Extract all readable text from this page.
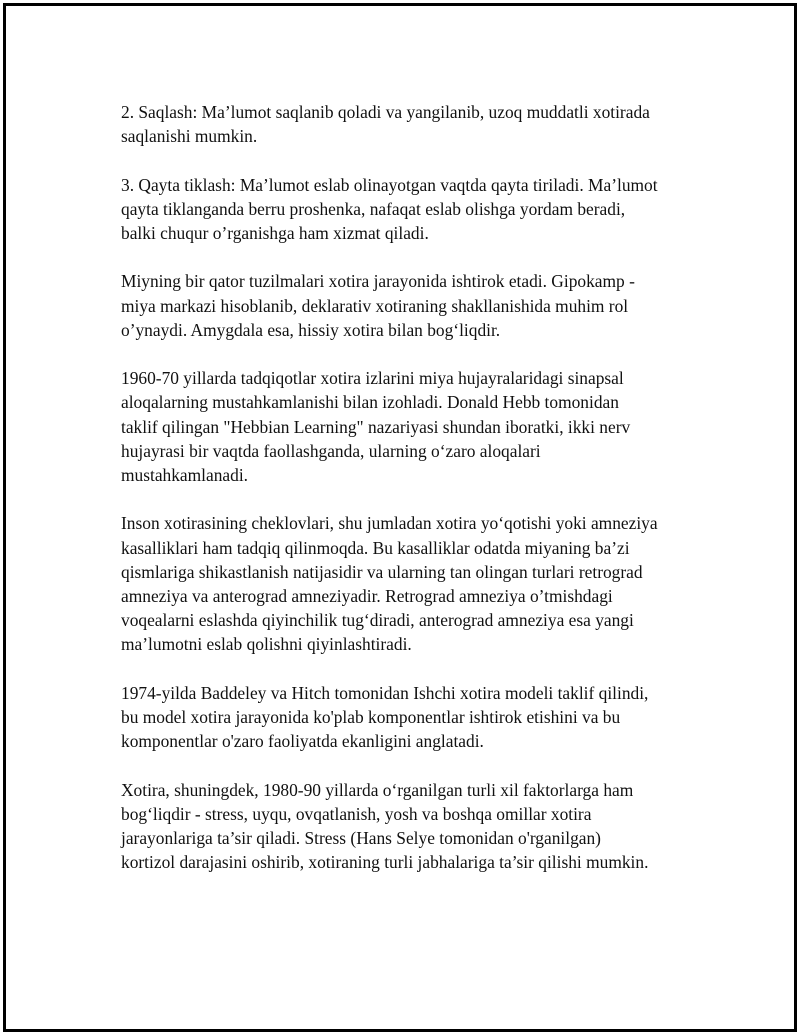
2. Saqlash: Ma’lumot saqlanib qoladi va yangilanib, uzoq muddatli xotirada
saqlanishi mumkin.

3. Qayta tiklash: Ma’lumot eslab olinayotgan vaqtda qayta tiriladi. Ma’lumot
qayta tiklanganda berru proshenka, nafaqat eslab olishga yordam beradi,
balki chuqur o’rganishga ham xizmat qiladi.

Miyning bir qator tuzilmalari xotira jarayonida ishtirok etadi. Gipokamp -
miya markazi hisoblanib, deklarativ xotiraning shakllanishida muhim rol
o’ynaydi. Amygdala esa, hissiy xotira bilan bog‘liqdir.

1960-70 yillarda tadqiqotlar xotira izlarini miya hujayralaridagi sinapsal
aloqalarning mustahkamlanishi bilan izohladi. Donald Hebb tomonidan
taklif qilingan "Hebbian Learning" nazariyasi shundan iboratki, ikki nerv
hujayrasi bir vaqtda faollashganda, ularning o‘zaro aloqalari
mustahkamlanadi.

Inson xotirasining cheklovlari, shu jumladan xotira yo‘qotishi yoki amneziya
kasalliklari ham tadqiq qilinmoqda. Bu kasalliklar odatda miyaning ba’zi
qismlariga shikastlanish natijasidir va ularning tan olingan turlari retrograd
amneziya va anterograd amneziyadir. Retrograd amneziya o’tmishdagi
voqealarni eslashda qiyinchilik tug‘diradi, anterograd amneziya esa yangi
ma’lumotni eslab qolishni qiyinlashtiradi.

1974-yilda Baddeley va Hitch tomonidan Ishchi xotira modeli taklif qilindi,
bu model xotira jarayonida ko'plab komponentlar ishtirok etishini va bu
komponentlar o'zaro faoliyatda ekanligini anglatadi.

Xotira, shuningdek, 1980-90 yillarda o‘rganilgan turli xil faktorlarga ham
bog‘liqdir - stress, uyqu, ovqatlanish, yosh va boshqa omillar xotira
jarayonlariga ta’sir qiladi. Stress (Hans Selye tomonidan o'rganilgan)
kortizol darajasini oshirib, xotiraning turli jabhalariga ta’sir qilishi mumkin.
